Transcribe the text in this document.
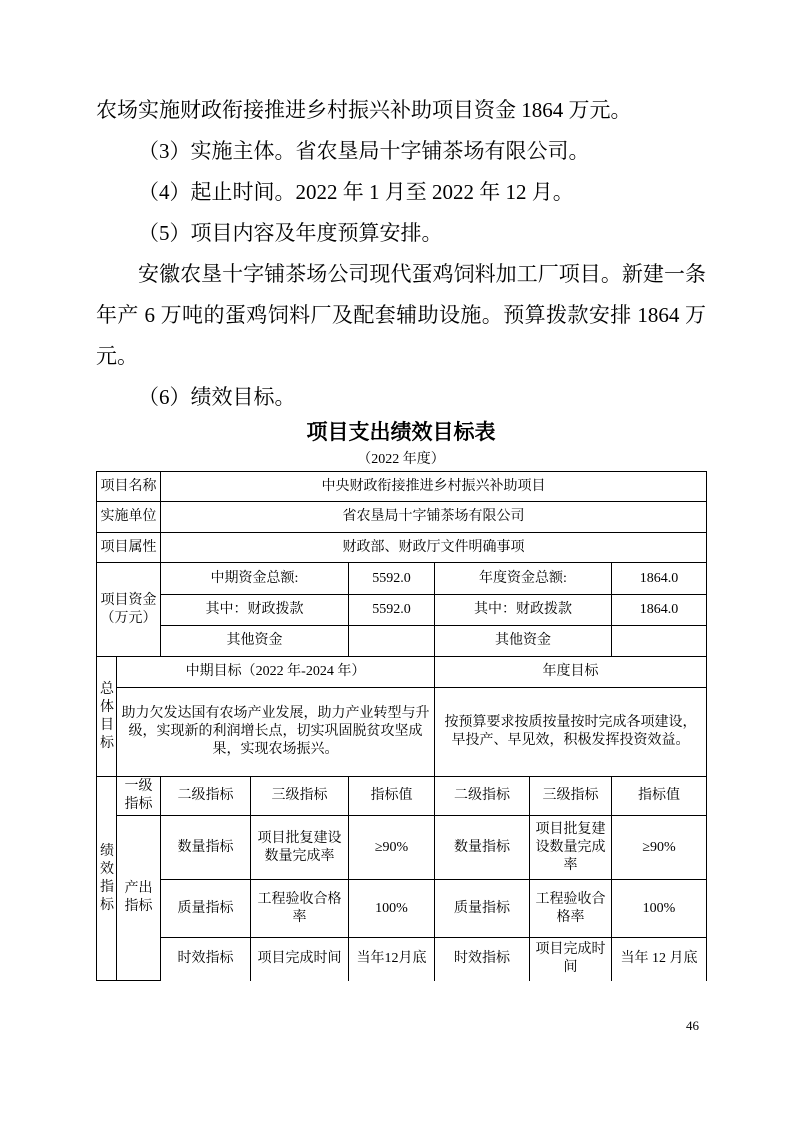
农场实施财政衔接推进乡村振兴补助项目资金 1864 万元。

（3）实施主体。省农垦局十字铺茶场有限公司。

（4）起止时间。2022 年 1 月至 2022 年 12 月。

（5）项目内容及年度预算安排。

安徽农垦十字铺茶场公司现代蛋鸡饲料加工厂项目。新建一条年产 6 万吨的蛋鸡饲料厂及配套辅助设施。预算拨款安排 1864 万元。

（6）绩效目标。

项目支出绩效目标表
（2022 年度）
项目名称		中央财政衔接推进乡村振兴补助项目					
实施单位		省农垦局十字铺茶场有限公司					
项目属性		财政部、财政厅文件明确事项					
项目资金（万元）		中期资金总额:		5592.0	年度资金总额:		1864.0
		其中：财政拨款		5592.0	其中：财政拨款		1864.0
		其他资金			其他资金		
总体目标	中期目标（2022 年-2024 年）				年度目标		
	助力欠发达国有农场产业发展，助力产业转型与升级，实现新的利润增长点，切实巩固脱贫攻坚成果，实现农场振兴。				按预算要求按质按量按时完成各项建设，早投产、早见效，积极发挥投资效益。		
绩效指标	一级指标	二级指标	三级指标	指标值	二级指标	三级指标	指标值
	产出指标	数量指标	项目批复建设数量完成率	≥90%	数量指标	项目批复建设数量完成率	≥90%
		质量指标	工程验收合格率	100%	质量指标	工程验收合格率	100%
		时效指标	项目完成时间	当年12月底	时效指标	项目完成时间	当年 12 月底
46
